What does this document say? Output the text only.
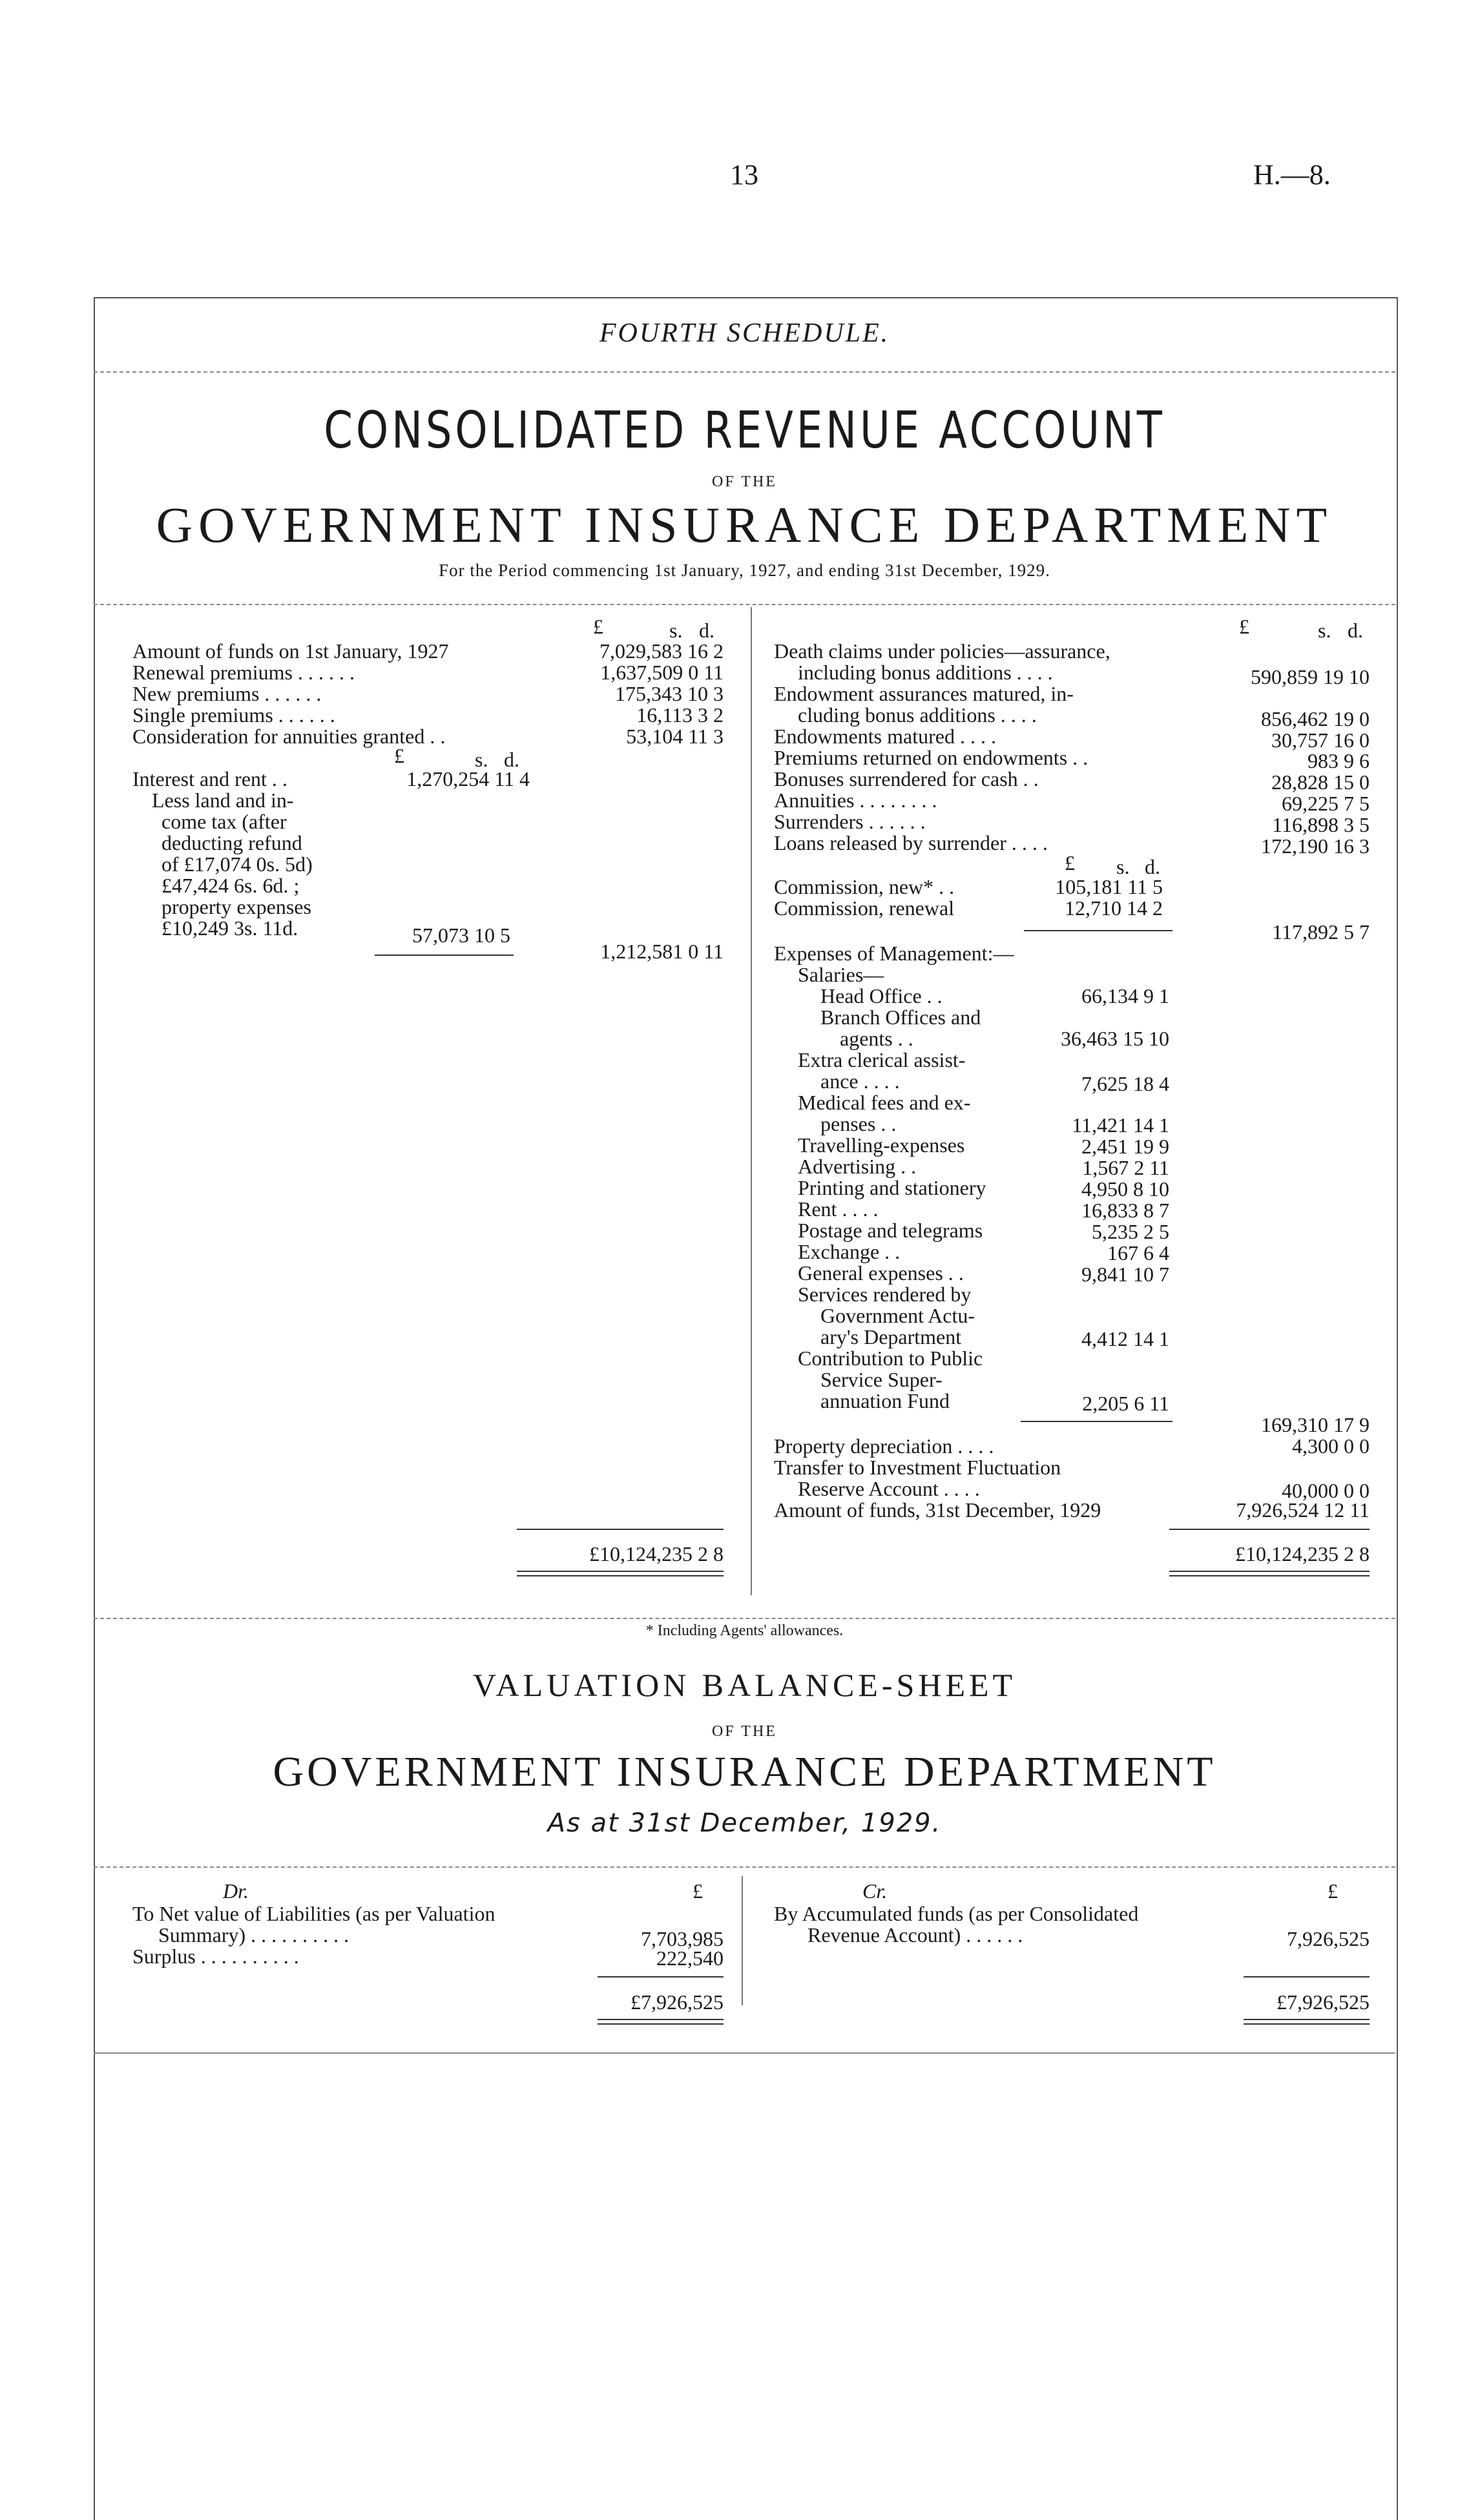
13	H.—8.
FOURTH SCHEDULE.
CONSOLIDATED REVENUE ACCOUNT
OF THE
GOVERNMENT INSURANCE DEPARTMENT
For the Period commencing 1st January, 1927, and ending 31st December, 1929.
£	s. d.
Amount of funds on 1st January, 1927	7,029,583 16 2
Renewal premiums . . . . . .	1,637,509 0 11
New premiums . . . . . .	175,343 10 3
Single premiums . . . . . .	16,113 3 2
Consideration for annuities granted . .	53,104 11 3
£	s. d.
Interest and rent . .	1,270,254 11 4
Less land and in-
come tax (after
deducting refund
of £17,074 0s. 5d)
£47,424 6s. 6d. ;
property expenses
£10,249 3s. 11d.	57,073 10 5
1,212,581 0 11
£10,124,235 2 8
£	s. d.
Death claims under policies—assurance,
including bonus additions . . . .	590,859 19 10
Endowment assurances matured, in-
cluding bonus additions . . . .	856,462 19 0
Endowments matured . . . .	30,757 16 0
Premiums returned on endowments . .	983 9 6
Bonuses surrendered for cash . .	28,828 15 0
Annuities . . . . . . . .	69,225 7 5
Surrenders . . . . . .	116,898 3 5
Loans released by surrender . . . .	172,190 16 3
£ s. d.
Commission, new* . .	105,181 11 5
Commission, renewal	12,710 14 2
117,892 5 7
Expenses of Management:—
Salaries—
Head Office . .	66,134 9 1
Branch Offices and
agents . .	36,463 15 10
Extra clerical assist-
ance . . . .	7,625 18 4
Medical fees and ex-
penses . .	11,421 14 1
Travelling-expenses	2,451 19 9
Advertising . .	1,567 2 11
Printing and stationery	4,950 8 10
Rent . . . .	16,833 8 7
Postage and telegrams	5,235 2 5
Exchange . .	167 6 4
General expenses . .	9,841 10 7
Services rendered by
Government Actu-
ary's Department	4,412 14 1
Contribution to Public
Service Super-
annuation Fund	2,205 6 11
169,310 17 9
Property depreciation . . . .	4,300 0 0
Transfer to Investment Fluctuation
Reserve Account . . . .	40,000 0 0
Amount of funds, 31st December, 1929	7,926,524 12 11
£10,124,235 2 8
* Including Agents' allowances.
VALUATION BALANCE-SHEET
OF THE
GOVERNMENT INSURANCE DEPARTMENT
As at 31st December, 1929.
Dr.	£
To Net value of Liabilities (as per Valuation
Summary) . . . . . . . . . .	7,703,985
Surplus . . . . . . . . . .	222,540
£7,926,525
Cr.	£
By Accumulated funds (as per Consolidated
Revenue Account) . . . . . .	7,926,525
£7,926,525
